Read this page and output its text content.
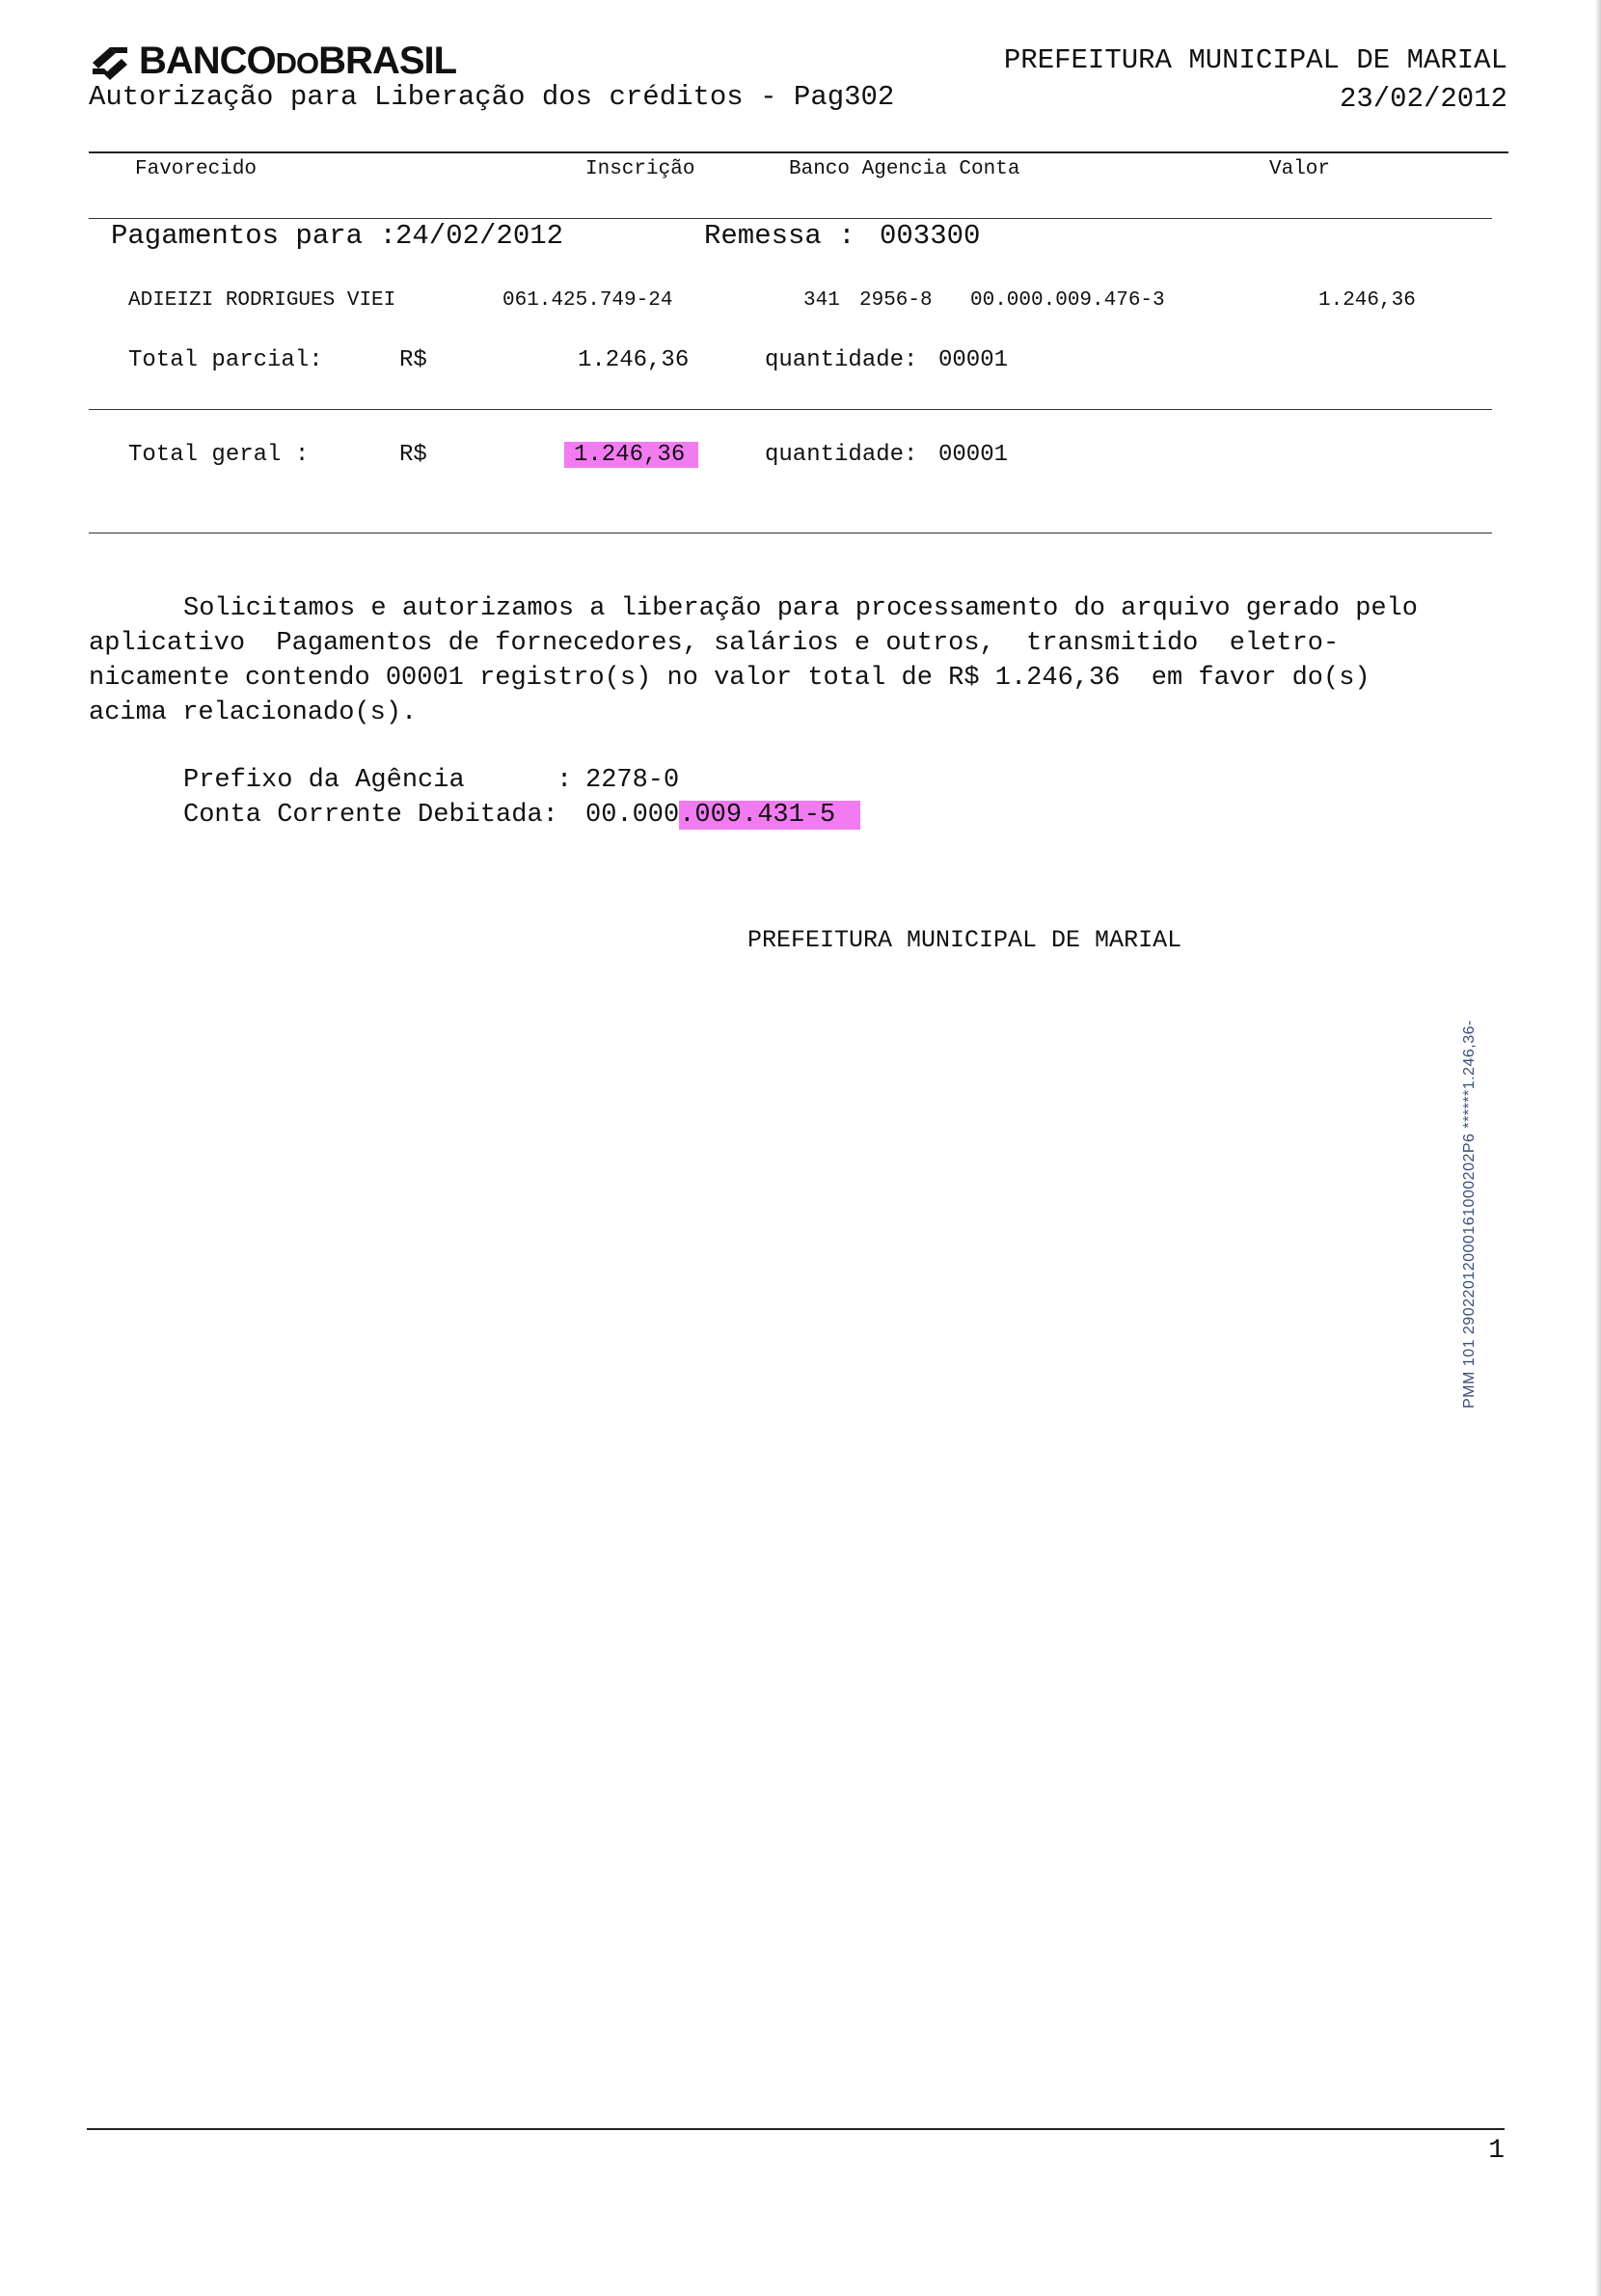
BANCODOBRASIL
Autorização para Liberação dos créditos - Pag302
PREFEITURA MUNICIPAL DE MARIAL
23/02/2012
Favorecido	Inscrição	Banco Agencia Conta	Valor
Pagamentos para : 24/02/2012	Remessa : 003300
ADIEIZI RODRIGUES VIEI	061.425.749-24	341 2956-8 00.000.009.476-3	1.246,36
Total parcial:	R$	1.246,36	quantidade: 00001
Total geral :	R$	1.246,36	quantidade: 00001
Solicitamos e autorizamos a liberação para processamento do arquivo gerado pelo
aplicativo  Pagamentos de fornecedores, salários e outros,  transmitido  eletro-
nicamente contendo 00001 registro(s) no valor total de R$ 1.246,36  em favor do(s)
acima relacionado(s).
Prefixo da Agência	: 2278-0
Conta Corrente Debitada: 00.000.009.431-5
PREFEITURA MUNICIPAL DE MARIAL
PMM 101 29022012000161000202P6 ******1.246,36-
1
